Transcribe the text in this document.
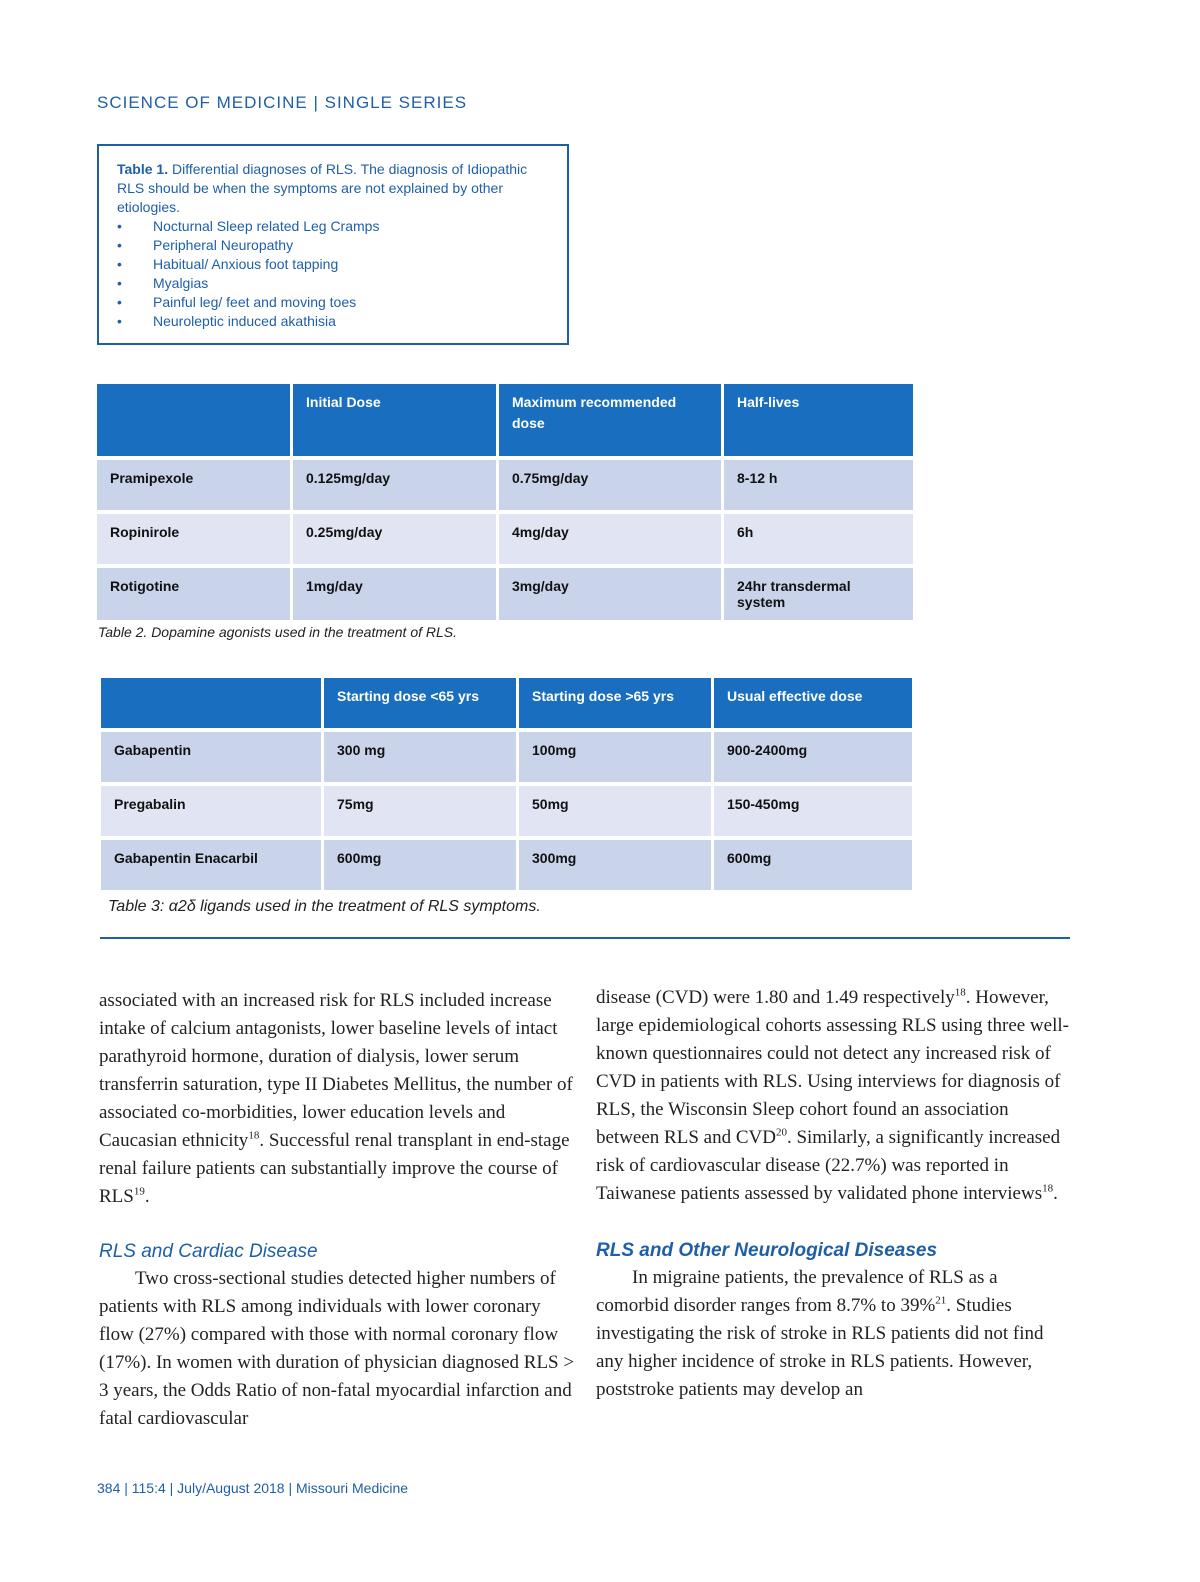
SCIENCE OF MEDICINE | SINGLE SERIES
Table 1. Differential diagnoses of RLS. The diagnosis of Idiopathic RLS should be when the symptoms are not explained by other etiologies.
• Nocturnal Sleep related Leg Cramps
• Peripheral Neuropathy
• Habitual/ Anxious foot tapping
• Myalgias
• Painful leg/ feet and moving toes
• Neuroleptic induced akathisia
	Initial Dose	Maximum recommended dose	Half-lives
Pramipexole	0.125mg/day	0.75mg/day	8-12 h
Ropinirole	0.25mg/day	4mg/day	6h
Rotigotine	1mg/day	3mg/day	24hr transdermal system
Table 2. Dopamine agonists used in the treatment of RLS.
	Starting dose <65 yrs	Starting dose >65 yrs	Usual effective dose
Gabapentin	300 mg	100mg	900-2400mg
Pregabalin	75mg	50mg	150-450mg
Gabapentin Enacarbil	600mg	300mg	600mg
Table 3: α2δ ligands used in the treatment of RLS symptoms.

associated with an increased risk for RLS included increase intake of calcium antagonists, lower baseline levels of intact parathyroid hormone, duration of dialysis, lower serum transferrin saturation, type II Diabetes Mellitus, the number of associated co-morbidities, lower education levels and Caucasian ethnicity$^{18}$. Successful renal transplant in end-stage renal failure patients can substantially improve the course of RLS$^{19}$.

RLS and Cardiac Disease

Two cross-sectional studies detected higher numbers of patients with RLS among individuals with lower coronary flow (27%) compared with those with normal coronary flow (17%). In women with duration of physician diagnosed RLS > 3 years, the Odds Ratio of non-fatal myocardial infarction and fatal cardiovascular

disease (CVD) were 1.80 and 1.49 respectively$^{18}$. However, large epidemiological cohorts assessing RLS using three well-known questionnaires could not detect any increased risk of CVD in patients with RLS. Using interviews for diagnosis of RLS, the Wisconsin Sleep cohort found an association between RLS and CVD$^{20}$. Similarly, a significantly increased risk of cardiovascular disease (22.7%) was reported in Taiwanese patients assessed by validated phone interviews$^{18}$.

RLS and Other Neurological Diseases

In migraine patients, the prevalence of RLS as a comorbid disorder ranges from 8.7% to 39%$^{21}$. Studies investigating the risk of stroke in RLS patients did not find any higher incidence of stroke in RLS patients. However, poststroke patients may develop an

384 | 115:4 | July/August 2018 | Missouri Medicine
